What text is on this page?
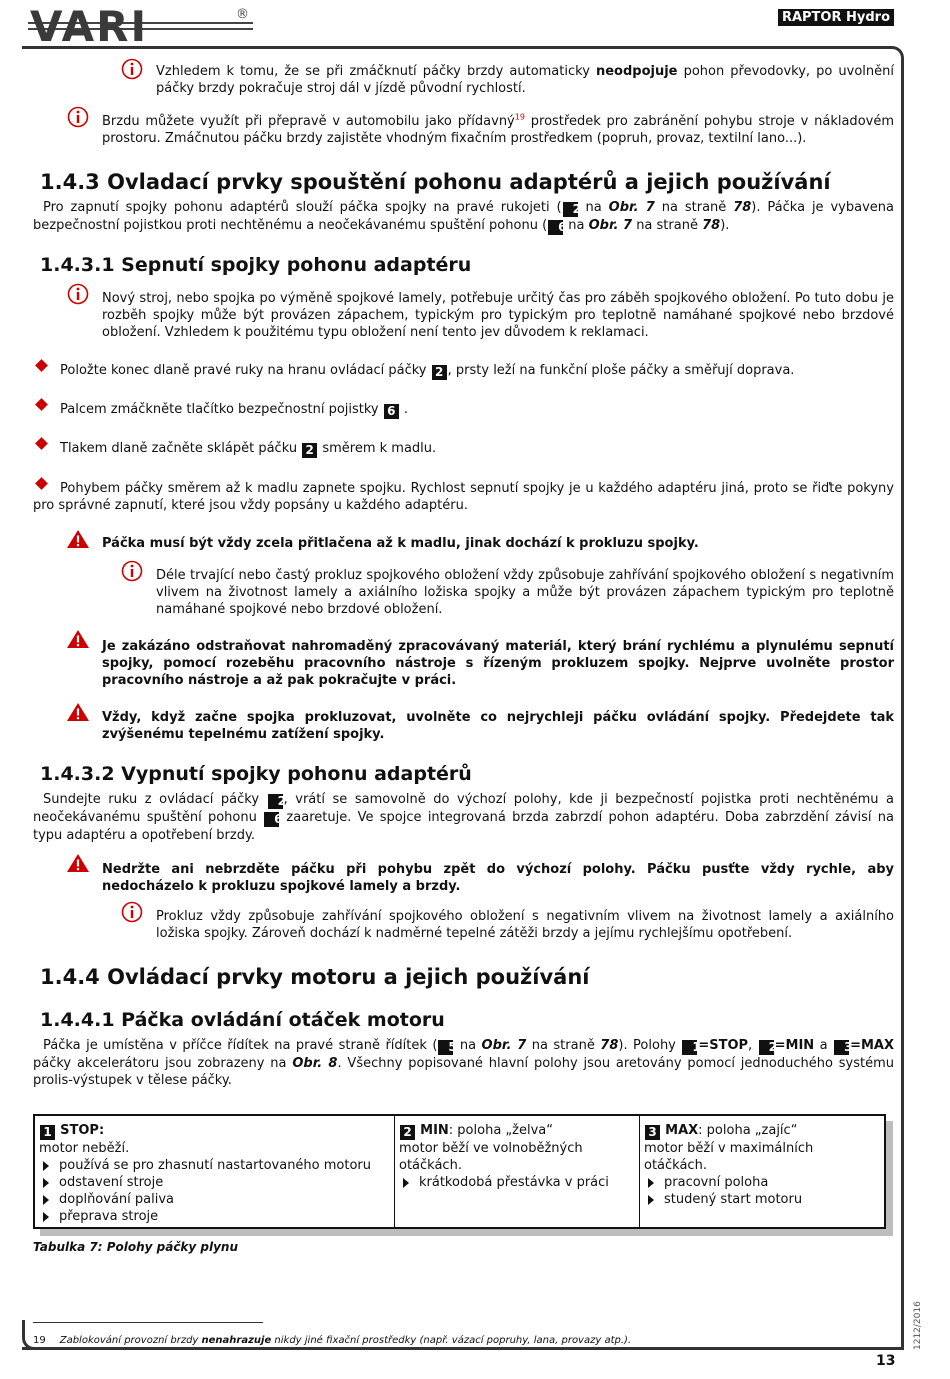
VARI	®	RAPTOR Hydro

Vzhledem k tomu, že se při zmáčknutí páčky brzdy automaticky neodpojuje pohon převodovky, po uvolnění páčky brzdy pokračuje stroj dál v jízdě původní rychlostí.

Brzdu můžete využít při přepravě v automobilu jako přídavný$^{19}$ prostředek pro zabránění pohybu stroje v nákladovém prostoru. Zmáčnutou páčku brzdy zajistěte vhodným fixačním prostředkem (popruh, provaz, textilní lano...).

1.4.3 Ovladací prvky spouštění pohonu adaptérů a jejich používání

Pro zapnutí spojky pohonu adaptérů slouží páčka spojky na pravé rukojeti ( 2 na Obr. 7 na straně 78). Páčka je vybavena bezpečnostní pojistkou proti nechtěnému a neočekávanému spuštění pohonu ( 6 na Obr. 7 na straně 78).

1.4.3.1 Sepnutí spojky pohonu adaptéru

Nový stroj, nebo spojka po výměně spojkové lamely, potřebuje určitý čas pro záběh spojkového obložení. Po tuto dobu je rozběh spojky může být provázen zápachem, typickým pro typickým pro teplotně namáhané spojkové nebo brzdové obložení. Vzhledem k použitému typu obložení není tento jev důvodem k reklamaci.

Položte konec dlaně pravé ruky na hranu ovládací páčky 2 , prsty leží na funkční ploše páčky a směřují doprava.

Palcem zmáčkněte tlačítko bezpečnostní pojistky 6 .

Tlakem dlaně začněte sklápět páčku 2 směrem k madlu.

Pohybem páčky směrem až k madlu zapnete spojku. Rychlost sepnutí spojky je u každého adaptéru jiná, proto se řiďte pokyny pro správné zapnutí, které jsou vždy popsány u každého adaptéru.

Páčka musí být vždy zcela přitlačena až k madlu, jinak dochází k prokluzu spojky.

Déle trvající nebo častý prokluz spojkového obložení vždy způsobuje zahřívání spojkového obložení s negativním vlivem na životnost lamely a axiálního ložiska spojky a může být provázen zápachem typickým pro teplotně namáhané spojkové nebo brzdové obložení.

Je zakázáno odstraňovat nahromaděný zpracovávaný materiál, který brání rychlému a plynulému sepnutí spojky, pomocí rozeběhu pracovního nástroje s řízeným prokluzem spojky. Nejprve uvolněte prostor pracovního nástroje a až pak pokračujte v práci.

Vždy, když začne spojka prokluzovat, uvolněte co nejrychleji páčku ovládání spojky. Předejdete tak zvýšenému tepelnému zatížení spojky.

1.4.3.2 Vypnutí spojky pohonu adaptérů

Sundejte ruku z ovládací páčky 2, vrátí se samovolně do výchozí polohy, kde ji bezpečností pojistka proti nechtěnému a neočekávanému spuštění pohonu 6 zaaretuje. Ve spojce integrovaná brzda zabrzdí pohon adaptéru. Doba zabrzdění závisí na typu adaptéru a opotřebení brzdy.

Nedržte ani nebrzděte páčku při pohybu zpět do výchozí polohy. Páčku pusťte vždy rychle, aby nedocházelo k prokluzu spojkové lamely a brzdy.

Prokluz vždy způsobuje zahřívání spojkového obložení s negativním vlivem na životnost lamely a axiálního ložiska spojky. Zároveň dochází k nadměrné tepelné zátěži brzdy a jejímu rychlejšímu opotřebení.

1.4.4 Ovládací prvky motoru a jejich používání
1.4.4.1 Páčka ovládání otáček motoru

Páčka je umístěna v příčce řídítek na pravé straně řídítek ( 5 na Obr. 7 na straně 78). Polohy 1=STOP, 2=MIN a 3=MAX páčky akcelerátoru jsou zobrazeny na Obr. 8. Všechny popisované hlavní polohy jsou aretovány pomocí jednoduchého systému prolis-výstupek v tělese páčky.

1 STOP:
motor neběží.
používá se pro zhasnutí nastartovaného motoru
odstavení stroje
doplňování paliva
přeprava stroje
2 MIN: poloha „želva“
motor běží ve volnoběžných otáčkách.
krátkodobá přestávka v práci
3 MAX: poloha „zajíc“
motor běží v maximálních otáčkách.
pracovní poloha
studený start motoru
Tabulka 7: Polohy páčky plynu
19 Zablokování provozní brzdy nenahrazuje nikdy jiné fixační prostředky (např. vázací popruhy, lana, provazy atp.).	1212/2016
13
